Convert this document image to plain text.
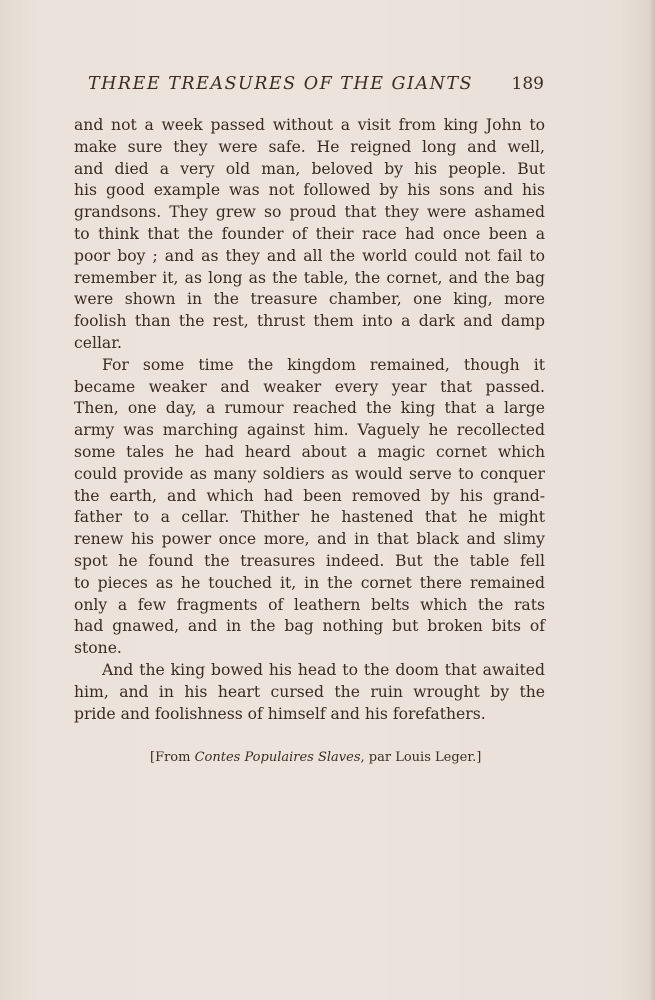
THREE TREASURES OF THE GIANTS 189
and not a week passed without a visit from king John to
make sure they were safe. He reigned long and well,
and died a very old man, beloved by his people. But
his good example was not followed by his sons and his
grandsons. They grew so proud that they were ashamed
to think that the founder of their race had once been a
poor boy ; and as they and all the world could not fail to
remember it, as long as the table, the cornet, and the bag
were shown in the treasure chamber, one king, more
foolish than the rest, thrust them into a dark and damp
cellar.
For some time the kingdom remained, though it
became weaker and weaker every year that passed.
Then, one day, a rumour reached the king that a large
army was marching against him. Vaguely he recollected
some tales he had heard about a magic cornet which
could provide as many soldiers as would serve to conquer
the earth, and which had been removed by his grand-
father to a cellar. Thither he hastened that he might
renew his power once more, and in that black and slimy
spot he found the treasures indeed. But the table fell
to pieces as he touched it, in the cornet there remained
only a few fragments of leathern belts which the rats
had gnawed, and in the bag nothing but broken bits of
stone.
And the king bowed his head to the doom that awaited
him, and in his heart cursed the ruin wrought by the
pride and foolishness of himself and his forefathers.
[From Contes Populaires Slaves, par Louis Leger.]
